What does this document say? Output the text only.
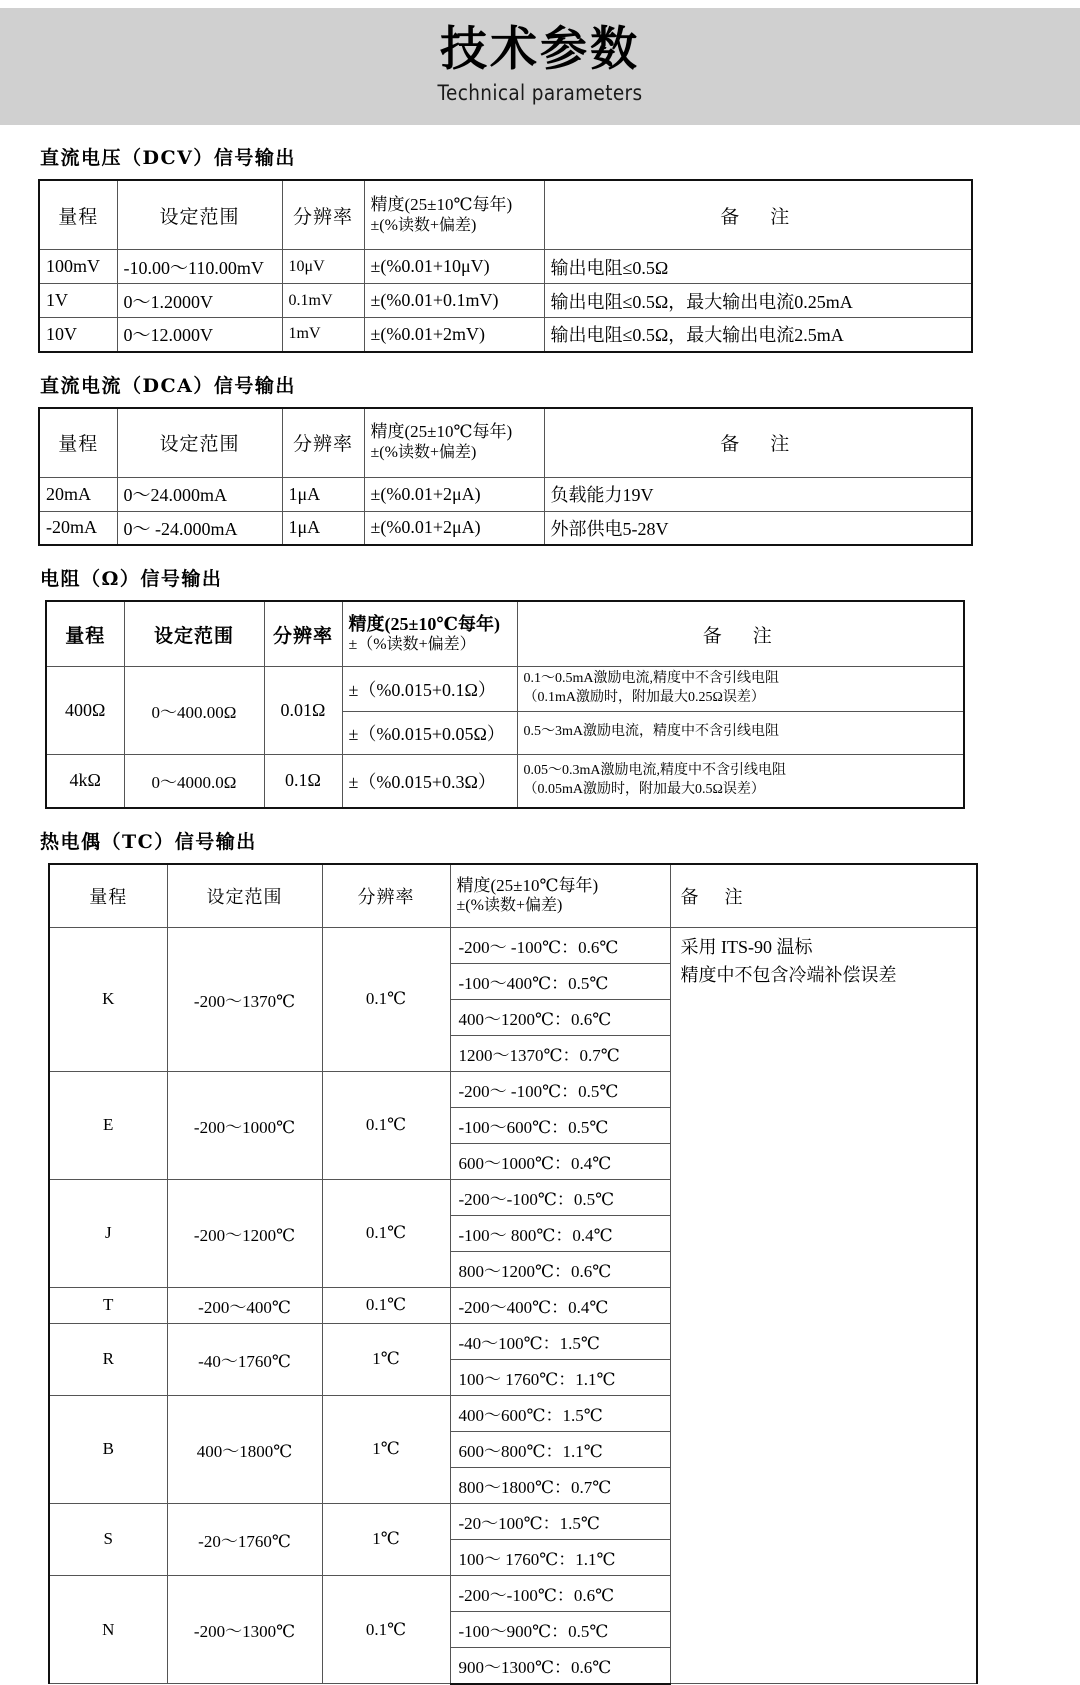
技术参数
Technical parameters
直流电压（DCV）信号输出
量程	设定范围	分辨率	精度(25±10℃每年)
±(%读数+偏差)	备　注
100mV	-10.00～110.00mV	10μV	±(%0.01+10μV)	输出电阻≤0.5Ω
1V	0～1.2000V	0.1mV	±(%0.01+0.1mV)	输出电阻≤0.5Ω，最大输出电流0.25mA
10V	0～12.000V	1mV	±(%0.01+2mV)	输出电阻≤0.5Ω，最大输出电流2.5mA
直流电流（DCA）信号输出
量程	设定范围	分辨率	精度(25±10℃每年)
±(%读数+偏差)	备　注
20mA	0～24.000mA	1μA	±(%0.01+2μA)	负载能力19V
-20mA	0～ -24.000mA	1μA	±(%0.01+2μA)	外部供电5-28V
电阻（Ω）信号输出
量程	设定范围	分辨率	精度(25±10℃每年)
±（%读数+偏差）	备　注
400Ω	0～400.00Ω	0.01Ω	±（%0.015+0.1Ω）	0.1～0.5mA激励电流,精度中不含引线电阻
（0.1mA激励时，附加最大0.25Ω误差）

			±（%0.015+0.05Ω）	0.5～3mA激励电流，精度中不含引线电阻
4kΩ	0～4000.0Ω	0.1Ω	±（%0.015+0.3Ω）	0.05～0.3mA激励电流,精度中不含引线电阻
（0.05mA激励时，附加最大0.5Ω误差）
热电偶（TC）信号输出
量程	设定范围	分辨率	精度(25±10℃每年)
±(%读数+偏差)	备　注
K	-200～1370℃	0.1℃	-200～ -100℃：0.6℃	采用 ITS-90 温标
精度中不包含冷端补偿误差

			-100～400℃：0.5℃	
			400～1200℃：0.6℃	
			1200～1370℃：0.7℃	
E	-200～1000℃	0.1℃	-200～ -100℃：0.5℃	
			-100～600℃：0.5℃	
			600～1000℃：0.4℃	
J	-200～1200℃	0.1℃	-200～-100℃：0.5℃	
			-100～ 800℃：0.4℃	
			800～1200℃：0.6℃	
T	-200～400℃	0.1℃	-200～400℃：0.4℃	
R	-40～1760℃	1℃	-40～100℃：1.5℃	
			100～ 1760℃：1.1℃	
B	400～1800℃	1℃	400～600℃：1.5℃	
			600～800℃：1.1℃	
			800～1800℃：0.7℃	
S	-20～1760℃	1℃	-20～100℃：1.5℃	
			100～ 1760℃：1.1℃	
N	-200～1300℃	0.1℃	-200～-100℃：0.6℃	
			-100～900℃：0.5℃	
			900～1300℃：0.6℃	
